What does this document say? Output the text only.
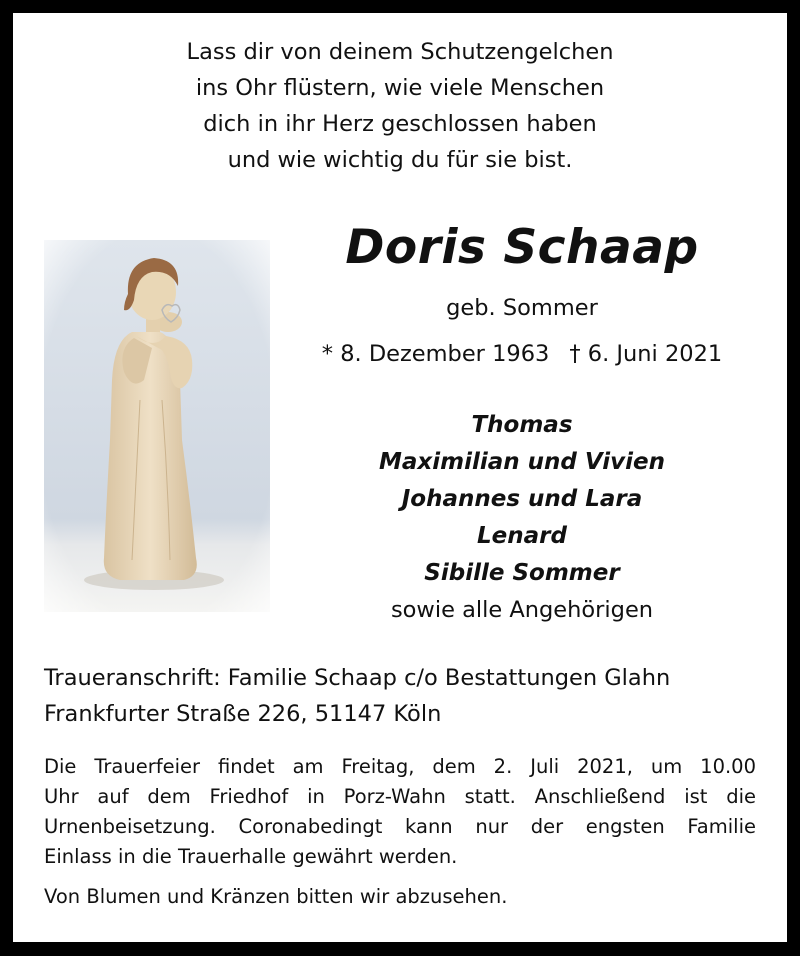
Lass dir von deinem Schutzengelchen
ins Ohr flüstern, wie viele Menschen
dich in ihr Herz geschlossen haben
und wie wichtig du für sie bist.
Doris Schaap
geb. Sommer
* 8. Dezember 1963 † 6. Juni 2021
Thomas
Maximilian und Vivien
Johannes und Lara
Lenard
Sibille Sommer
sowie alle Angehörigen
Traueranschrift: Familie Schaap c/o Bestattungen Glahn
Frankfurter Straße 226, 51147 Köln
Die Trauerfeier findet am Freitag, dem 2. Juli 2021, um 10.00
Uhr auf dem Friedhof in Porz-Wahn statt. Anschließend ist die
Urnenbeisetzung. Coronabedingt kann nur der engsten Familie
Einlass in die Trauerhalle gewährt werden.
Von Blumen und Kränzen bitten wir abzusehen.
